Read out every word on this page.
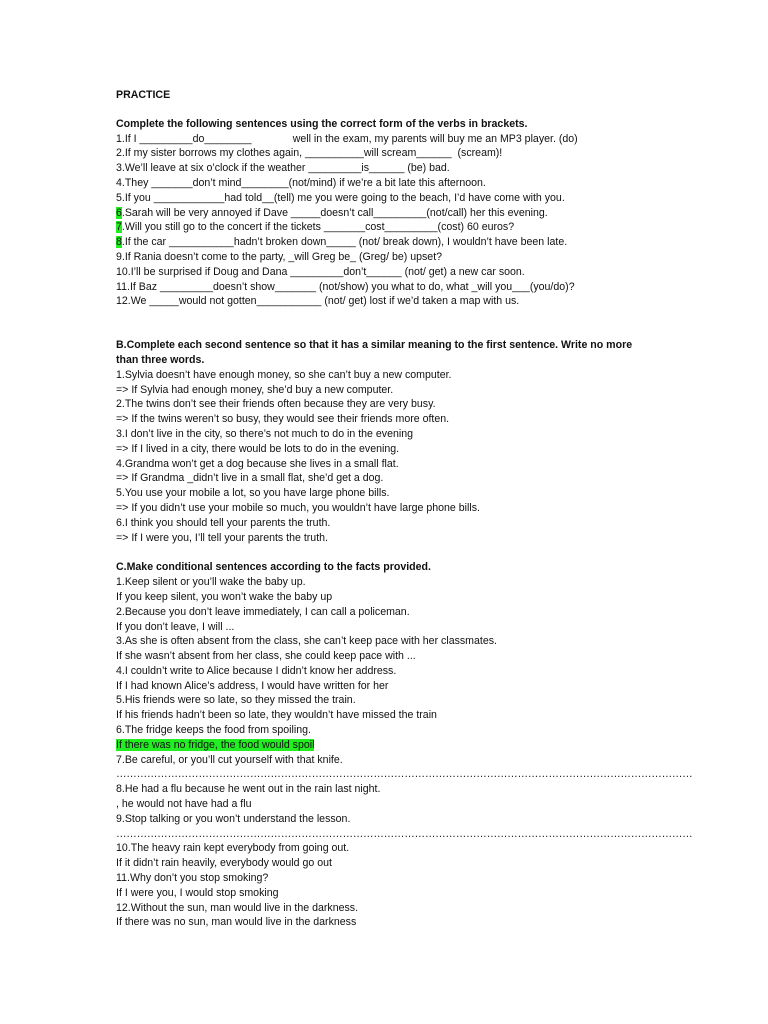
PRACTICE
Complete the following sentences using the correct form of the verbs in brackets.
1.If I _________do________              well in the exam, my parents will buy me an MP3 player. (do)
2.If my sister borrows my clothes again, __________will scream______  (scream)!
3.We’ll leave at six o’clock if the weather _________is______ (be) bad.
4.They _______don’t mind________(not/mind) if we’re a bit late this afternoon.
5.If you ____________had told__(tell) me you were going to the beach, I’d have come with you.
6.Sarah will be very annoyed if Dave _____doesn’t call_________(not/call) her this evening.
7.Will you still go to the concert if the tickets _______cost_________(cost) 60 euros?
8.If the car ___________hadn’t broken down_____ (not/ break down), I wouldn’t have been late.
9.If Rania doesn’t come to the party, _will Greg be_ (Greg/ be) upset?
10.I’ll be surprised if Doug and Dana _________don’t______ (not/ get) a new car soon.
11.If Baz _________doesn’t show_______ (not/show) you what to do, what _will you___(you/do)?
12.We _____would not gotten___________ (not/ get) lost if we’d taken a map with us.
B.Complete each second sentence so that it has a similar meaning to the first sentence. Write no more than three words.
1.Sylvia doesn’t have enough money, so she can’t buy a new computer.
=> If Sylvia had enough money, she’d buy a new computer.
2.The twins don’t see their friends often because they are very busy.
=> If the twins weren’t so busy, they would see their friends more often.
3.I don’t live in the city, so there’s not much to do in the evening
=> If I lived in a city, there would be lots to do in the evening.
4.Grandma won’t get a dog because she lives in a small flat.
=> If Grandma _didn’t live in a small flat, she’d get a dog.
5.You use your mobile a lot, so you have large phone bills.
=> If you didn’t use your mobile so much, you wouldn’t have large phone bills.
6.I think you should tell your parents the truth.
=> If I were you, I’ll tell your parents the truth.
C.Make conditional sentences according to the facts provided.
1.Keep silent or you’ll wake the baby up.
If you keep silent, you won’t wake the baby up
2.Because you don’t leave immediately, I can call a policeman.
If you don’t leave, I will ...
3.As she is often absent from the class, she can’t keep pace with her classmates.
If she wasn’t absent from her class, she could keep pace with ...
4.I couldn’t write to Alice because I didn’t know her address.
If I had known Alice’s address, I would have written for her
5.His friends were so late, so they missed the train.
If his friends hadn’t been so late, they wouldn’t have missed the train
6.The fridge keeps the food from spoiling.
If there was no fridge, the food would spoil
7.Be careful, or you’ll cut yourself with that knife.
……………………………………………………………………………………………………………………………………………………
8.He had a flu because he went out in the rain last night.
, he would not have had a flu
9.Stop talking or you won’t understand the lesson.
……………………………………………………………………………………………………………………………………………………
10.The heavy rain kept everybody from going out.
If it didn’t rain heavily, everybody would go out
11.Why don’t you stop smoking?
If I were you, I would stop smoking
12.Without the sun, man would live in the darkness.
If there was no sun, man would live in the darkness
